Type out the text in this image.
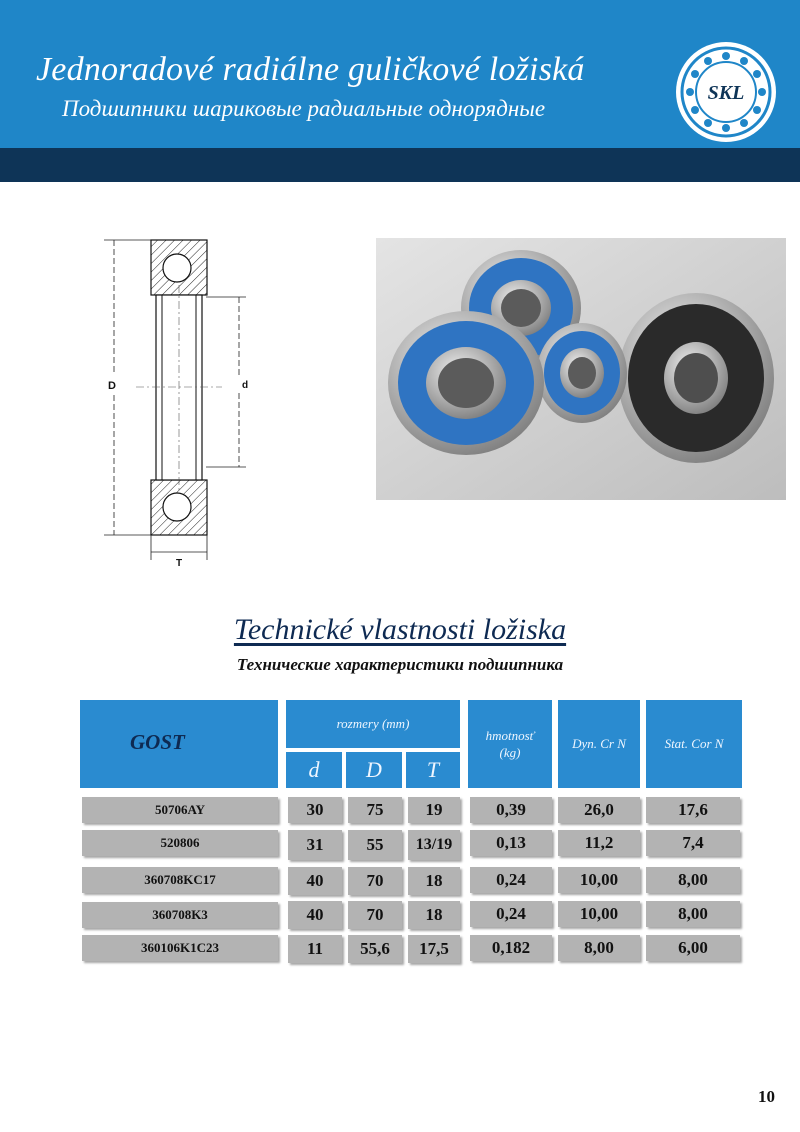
Jednoradové radiálne guličkové ložiská
Подшипники шариковые радиальные однорядные
SKL
D	d
T
Technické vlastnosti ložiska
Технические характеристики подшипника
GOST
rozmery (mm)
d	D	T
hmotnosť (kg)
Dyn. Cr N	Stat. Cor N
50706AY	30	75	19	0,39	26,0	17,6
520806	31	55	13/19	0,13	11,2	7,4
360708KC17	40	70	18	0,24	10,00	8,00
360708K3	40	70	18	0,24	10,00	8,00
360106K1C23	11	55,6	17,5	0,182	8,00	6,00
10
